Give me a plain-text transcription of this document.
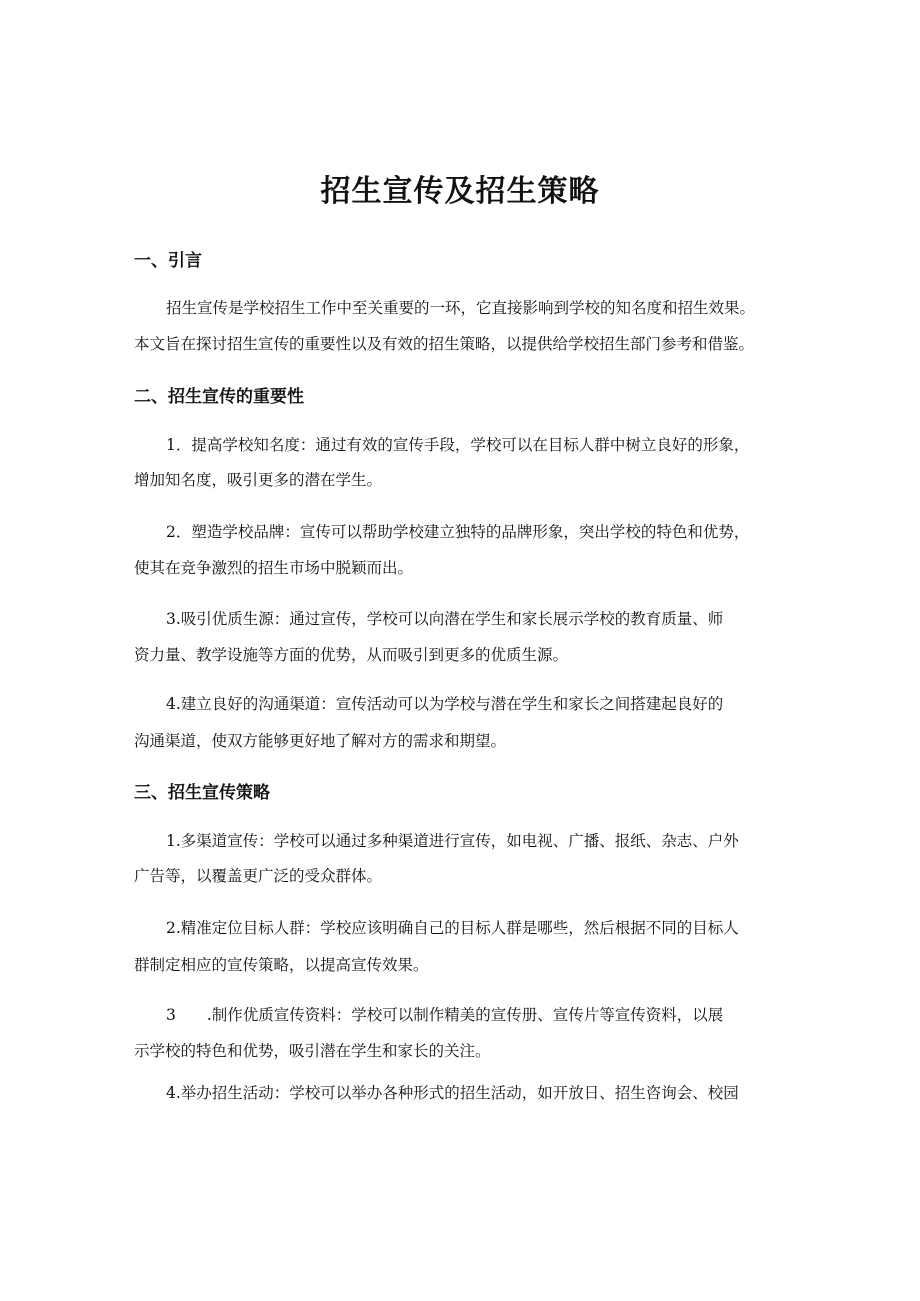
招生宣传及招生策略
一、引言

招生宣传是学校招生工作中至关重要的一环，它直接影响到学校的知名度和招生效果。

本文旨在探讨招生宣传的重要性以及有效的招生策略，以提供给学校招生部门参考和借鉴。

二、招生宣传的重要性

1．提高学校知名度：通过有效的宣传手段，学校可以在目标人群中树立良好的形象，

增加知名度，吸引更多的潜在学生。

2．塑造学校品牌：宣传可以帮助学校建立独特的品牌形象，突出学校的特色和优势，

使其在竞争激烈的招生市场中脱颖而出。

3.吸引优质生源：通过宣传，学校可以向潜在学生和家长展示学校的教育质量、师

资力量、教学设施等方面的优势，从而吸引到更多的优质生源。

4.建立良好的沟通渠道：宣传活动可以为学校与潜在学生和家长之间搭建起良好的

沟通渠道，使双方能够更好地了解对方的需求和期望。

三、招生宣传策略

1.多渠道宣传：学校可以通过多种渠道进行宣传，如电视、广播、报纸、杂志、户外

广告等，以覆盖更广泛的受众群体。

2.精准定位目标人群：学校应该明确自己的目标人群是哪些，然后根据不同的目标人

群制定相应的宣传策略，以提高宣传效果。

3　　.制作优质宣传资料：学校可以制作精美的宣传册、宣传片等宣传资料，以展

示学校的特色和优势，吸引潜在学生和家长的关注。

4.举办招生活动：学校可以举办各种形式的招生活动，如开放日、招生咨询会、校园
